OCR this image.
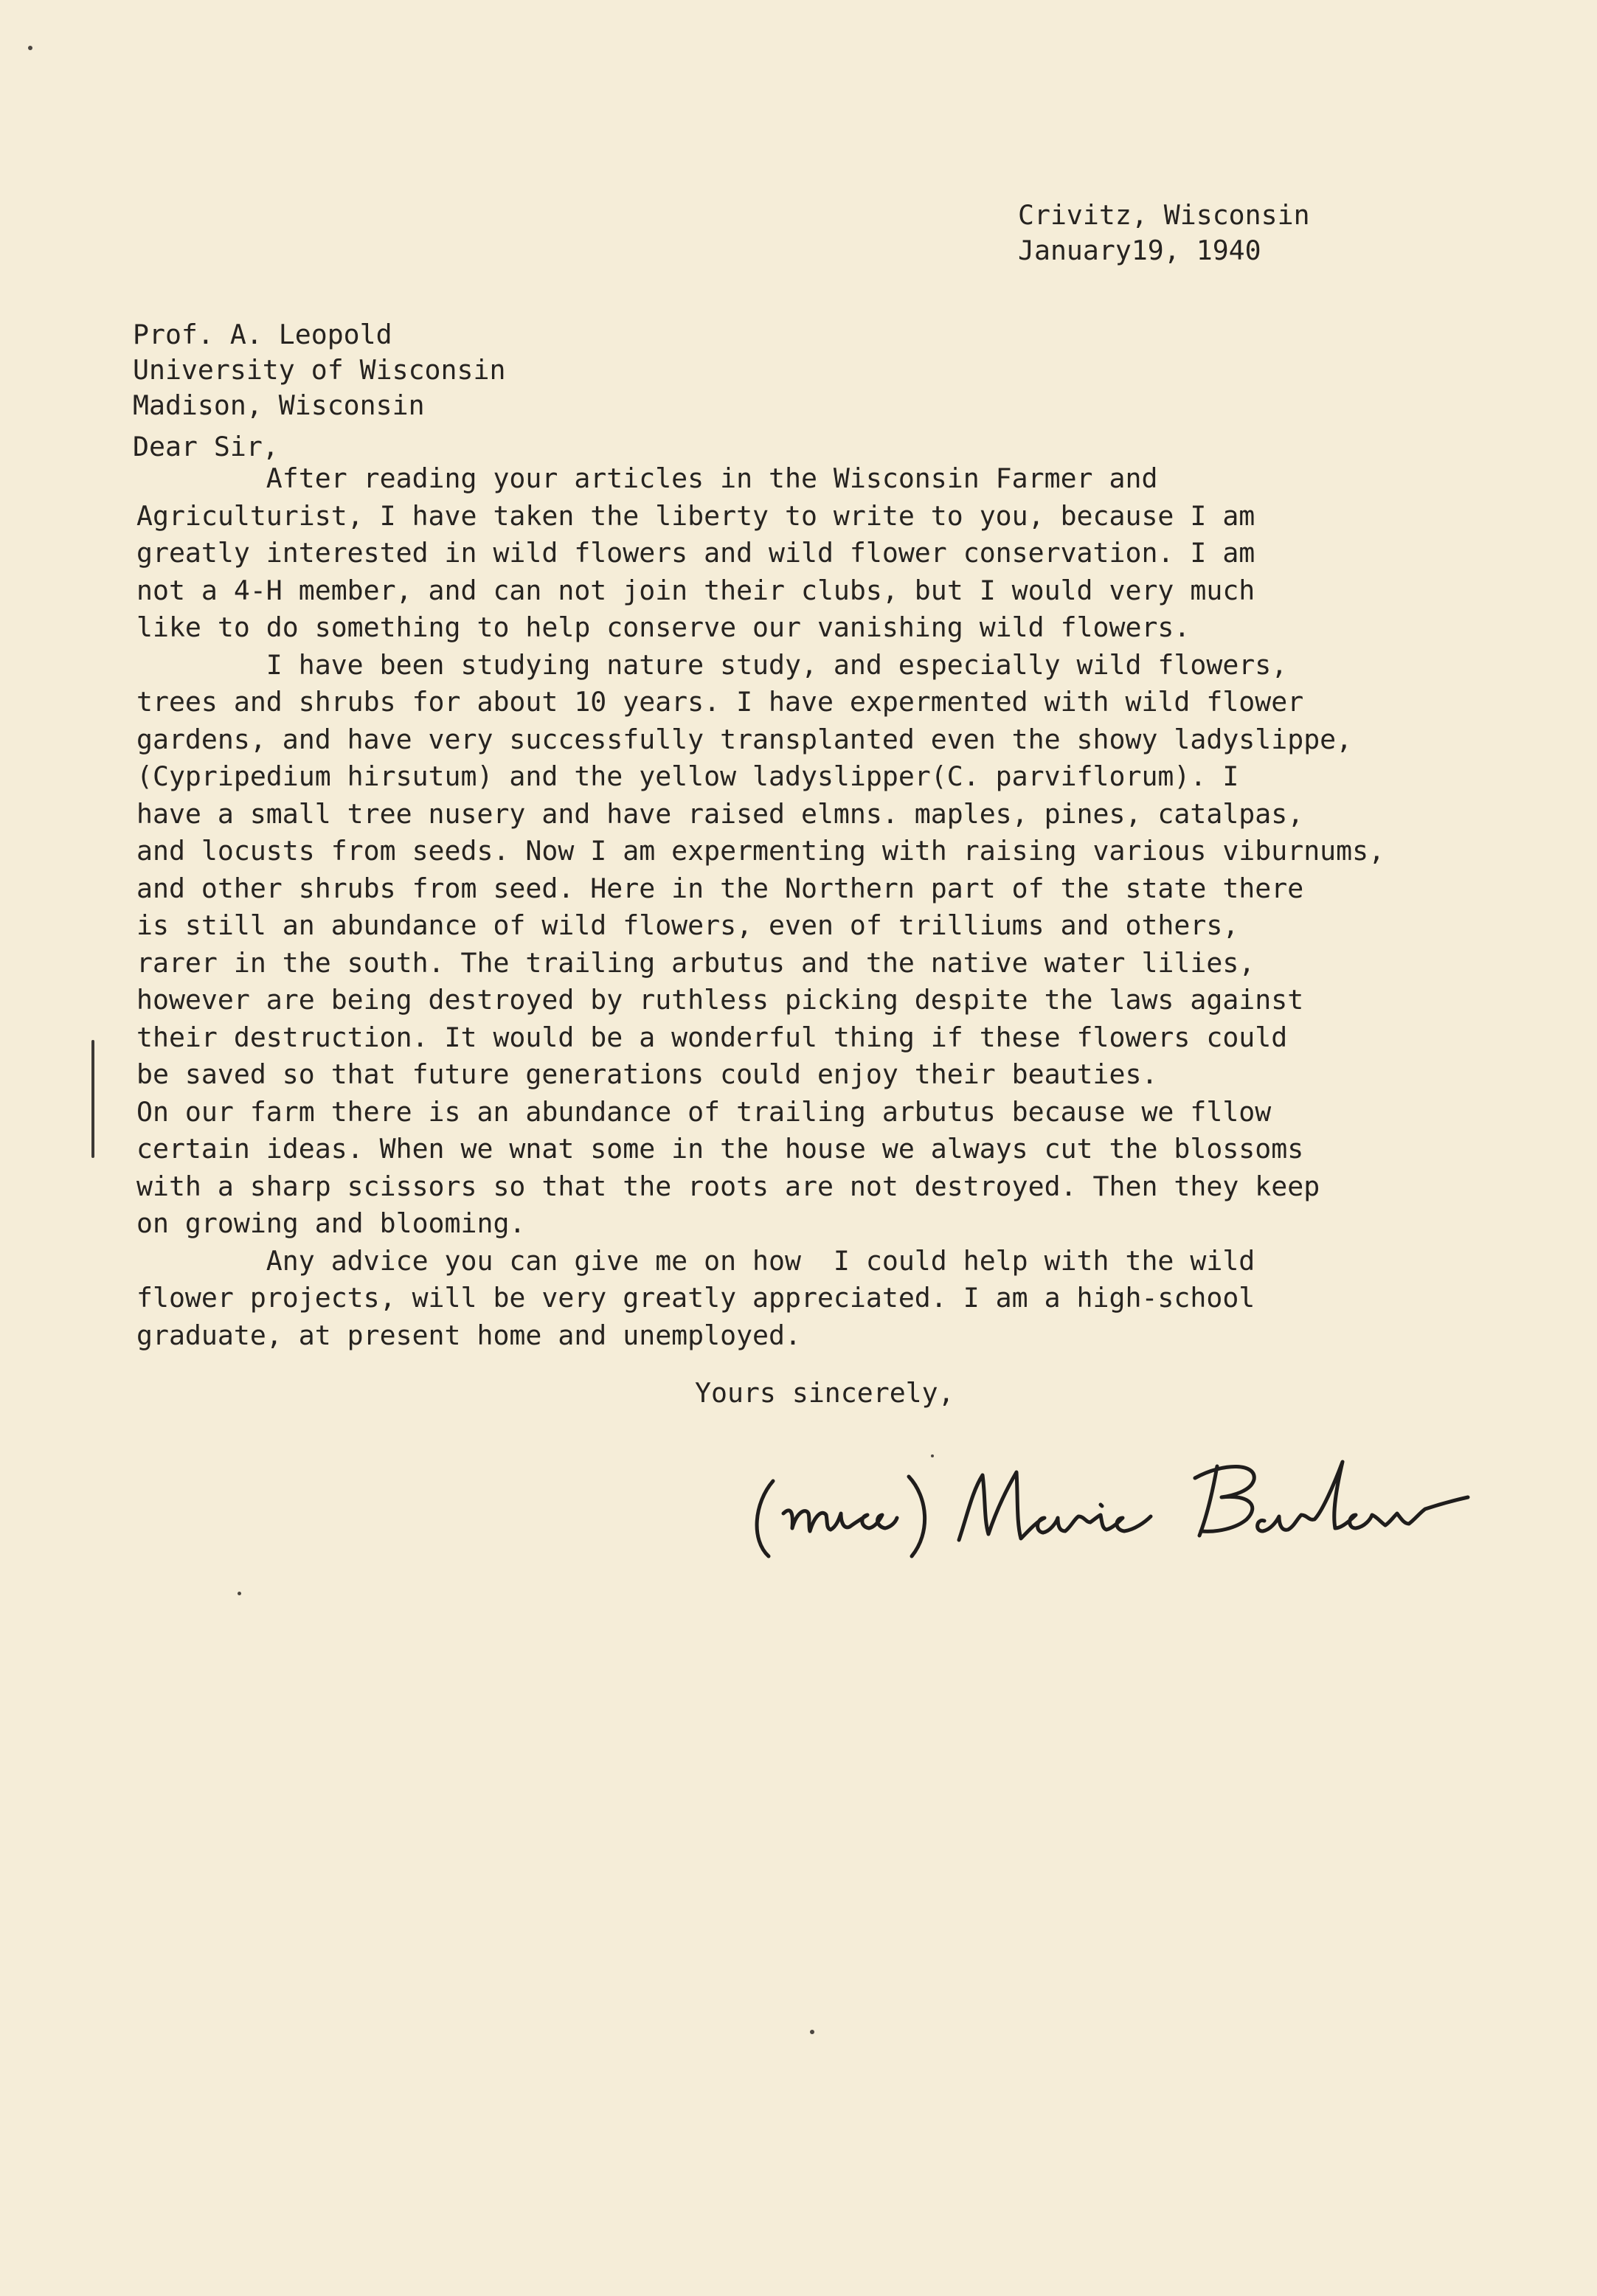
Crivitz, Wisconsin
January19, 1940
Prof. A. Leopold
University of Wisconsin
Madison, Wisconsin
Dear Sir,
After reading your articles in the Wisconsin Farmer and
Agriculturist, I have taken the liberty to write to you, because I am
greatly interested in wild flowers and wild flower conservation. I am
not a 4-H member, and can not join their clubs, but I would very much
like to do something to help conserve our vanishing wild flowers.
I have been studying nature study, and especially wild flowers,
trees and shrubs for about 10 years. I have expermented with wild flower
gardens, and have very successfully transplanted even the showy ladyslippe,
(Cypripedium hirsutum) and the yellow ladyslipper(C. parviflorum). I
have a small tree nusery and have raised elmns. maples, pines, catalpas,
and locusts from seeds. Now I am expermenting with raising various viburnums,
and other shrubs from seed. Here in the Northern part of the state there
is still an abundance of wild flowers, even of trilliums and others,
rarer in the south. The trailing arbutus and the native water lilies,
however are being destroyed by ruthless picking despite the laws against
their destruction. It would be a wonderful thing if these flowers could
be saved so that future generations could enjoy their beauties.
On our farm there is an abundance of trailing arbutus because we fllow
certain ideas. When we wnat some in the house we always cut the blossoms
with a sharp scissors so that the roots are not destroyed. Then they keep
on growing and blooming.
Any advice you can give me on how  I could help with the wild
flower projects, will be very greatly appreciated. I am a high-school
graduate, at present home and unemployed.
Yours sincerely,
